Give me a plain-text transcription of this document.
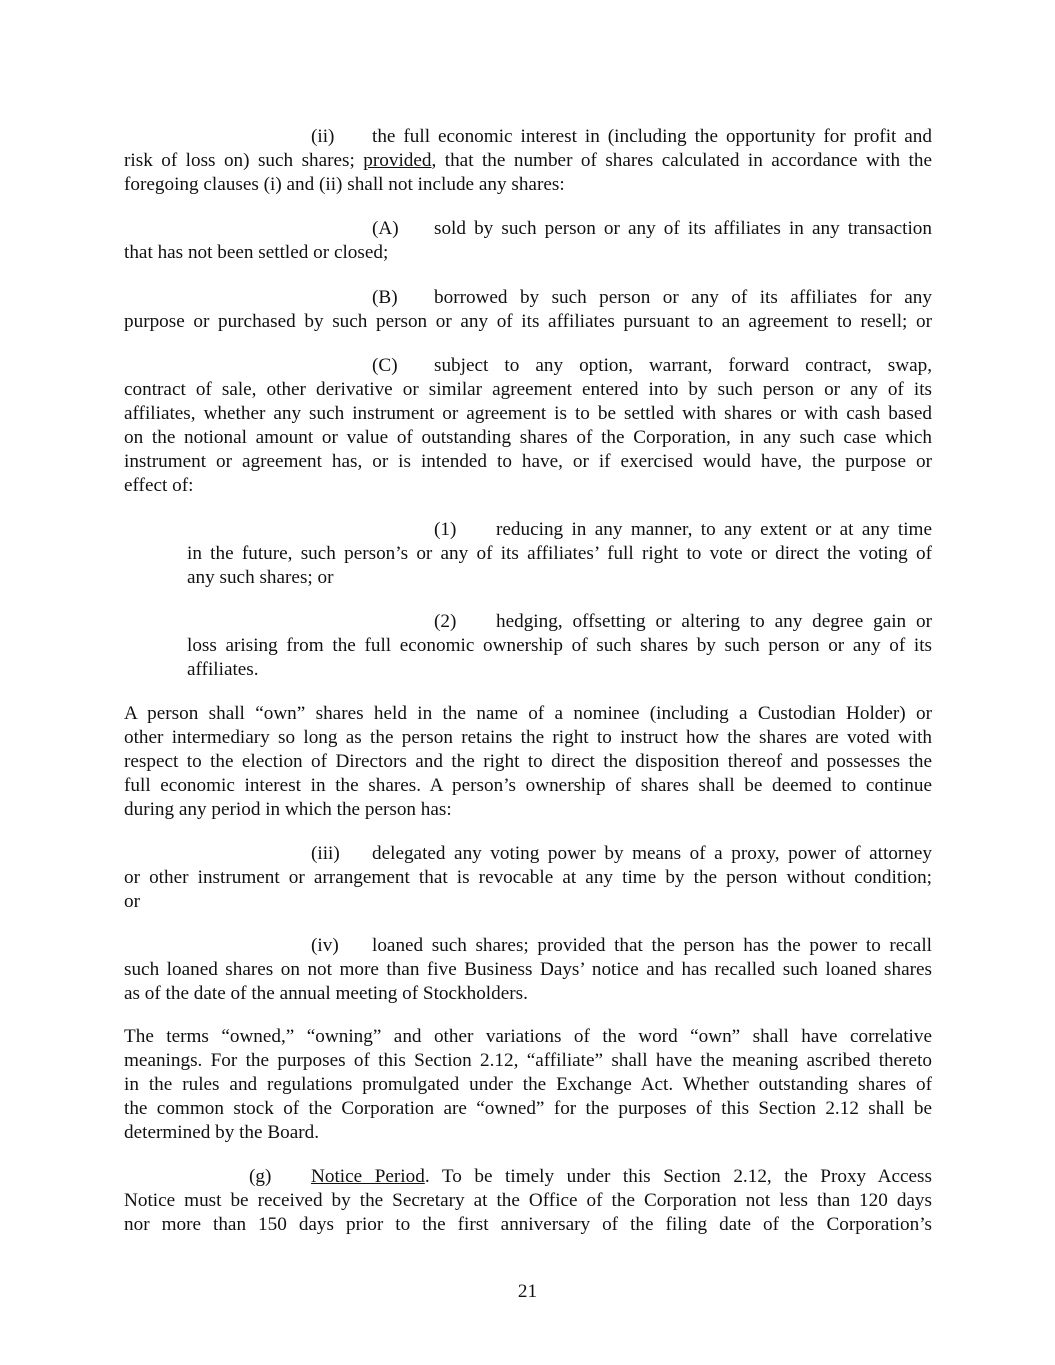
(ii) the full economic interest in (including the opportunity for profit and
risk of loss on) such shares; provided, that the number of shares calculated in accordance with the
foregoing clauses (i) and (ii) shall not include any shares:
(A) sold by such person or any of its affiliates in any transaction
that has not been settled or closed;
(B) borrowed by such person or any of its affiliates for any
purpose or purchased by such person or any of its affiliates pursuant to an agreement to resell; or
(C) subject to any option, warrant, forward contract, swap,
contract of sale, other derivative or similar agreement entered into by such person or any of its
affiliates, whether any such instrument or agreement is to be settled with shares or with cash based
on the notional amount or value of outstanding shares of the Corporation, in any such case which
instrument or agreement has, or is intended to have, or if exercised would have, the purpose or
effect of:
(1) reducing in any manner, to any extent or at any time
in the future, such person’s or any of its affiliates’ full right to vote or direct the voting of
any such shares; or
(2) hedging, offsetting or altering to any degree gain or
loss arising from the full economic ownership of such shares by such person or any of its
affiliates.
A person shall “own” shares held in the name of a nominee (including a Custodian Holder) or
other intermediary so long as the person retains the right to instruct how the shares are voted with
respect to the election of Directors and the right to direct the disposition thereof and possesses the
full economic interest in the shares. A person’s ownership of shares shall be deemed to continue
during any period in which the person has:
(iii) delegated any voting power by means of a proxy, power of attorney
or other instrument or arrangement that is revocable at any time by the person without condition;
or
(iv) loaned such shares; provided that the person has the power to recall
such loaned shares on not more than five Business Days’ notice and has recalled such loaned shares
as of the date of the annual meeting of Stockholders.
The terms “owned,” “owning” and other variations of the word “own” shall have correlative
meanings. For the purposes of this Section 2.12, “affiliate” shall have the meaning ascribed thereto
in the rules and regulations promulgated under the Exchange Act. Whether outstanding shares of
the common stock of the Corporation are “owned” for the purposes of this Section 2.12 shall be
determined by the Board.
(g) Notice Period. To be timely under this Section 2.12, the Proxy Access
Notice must be received by the Secretary at the Office of the Corporation not less than 120 days
nor more than 150 days prior to the first anniversary of the filing date of the Corporation’s
21
